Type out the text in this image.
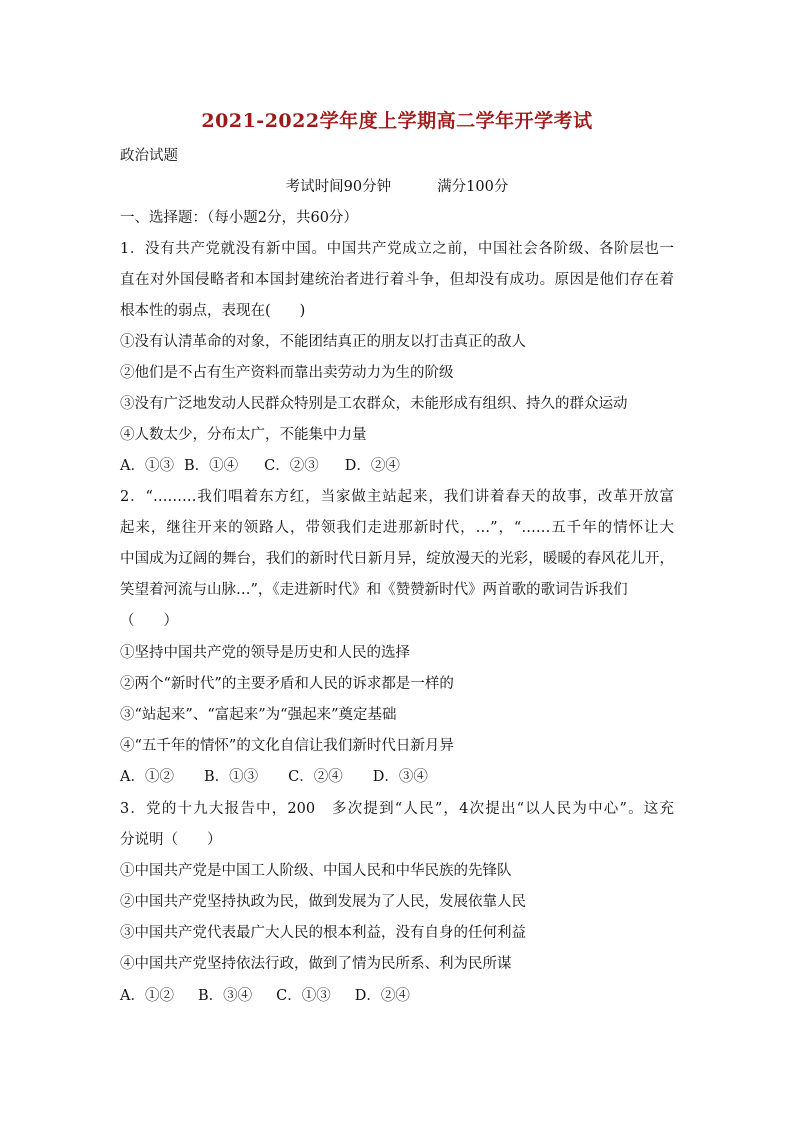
2021-2022学年度上学期高二学年开学考试
政治试题
考试时间90分钟	满分100分
一、选择题：（每小题2分，共60分）
1．没有共产党就没有新中国。中国共产党成立之前，中国社会各阶级、各阶层也一
直在对外国侵略者和本国封建统治者进行着斗争，但却没有成功。原因是他们存在着
根本性的弱点，表现在(　　)
①没有认清革命的对象，不能团结真正的朋友以打击真正的敌人
②他们是不占有生产资料而靠出卖劳动力为生的阶级
③没有广泛地发动人民群众特别是工农群众，未能形成有组织、持久的群众运动
④人数太少，分布太广，不能集中力量
A．①③ B．①④ C．②③ D．②④
2．“………我们唱着东方红，当家做主站起来，我们讲着春天的故事，改革开放富
起来，继往开来的领路人，带领我们走进那新时代，…”，“……五千年的情怀让大
中国成为辽阔的舞台，我们的新时代日新月异，绽放漫天的光彩，暖暖的春风花儿开，
笑望着河流与山脉…”，《走进新时代》和《赞赞新时代》两首歌的歌词告诉我们
（　　）
①坚持中国共产党的领导是历史和人民的选择
②两个“新时代”的主要矛盾和人民的诉求都是一样的
③“站起来”、“富起来”为“强起来”奠定基础
④“五千年的情怀”的文化自信让我们新时代日新月异
A．①② B．①③ C．②④ D．③④
3．党的十九大报告中，200　多次提到“人民”，4次提出“以人民为中心”。这充
分说明（　　）
①中国共产党是中国工人阶级、中国人民和中华民族的先锋队
②中国共产党坚持执政为民，做到发展为了人民，发展依靠人民
③中国共产党代表最广大人民的根本利益，没有自身的任何利益
④中国共产党坚持依法行政，做到了情为民所系、利为民所谋
A．①② B．③④ C．①③ D．②④
